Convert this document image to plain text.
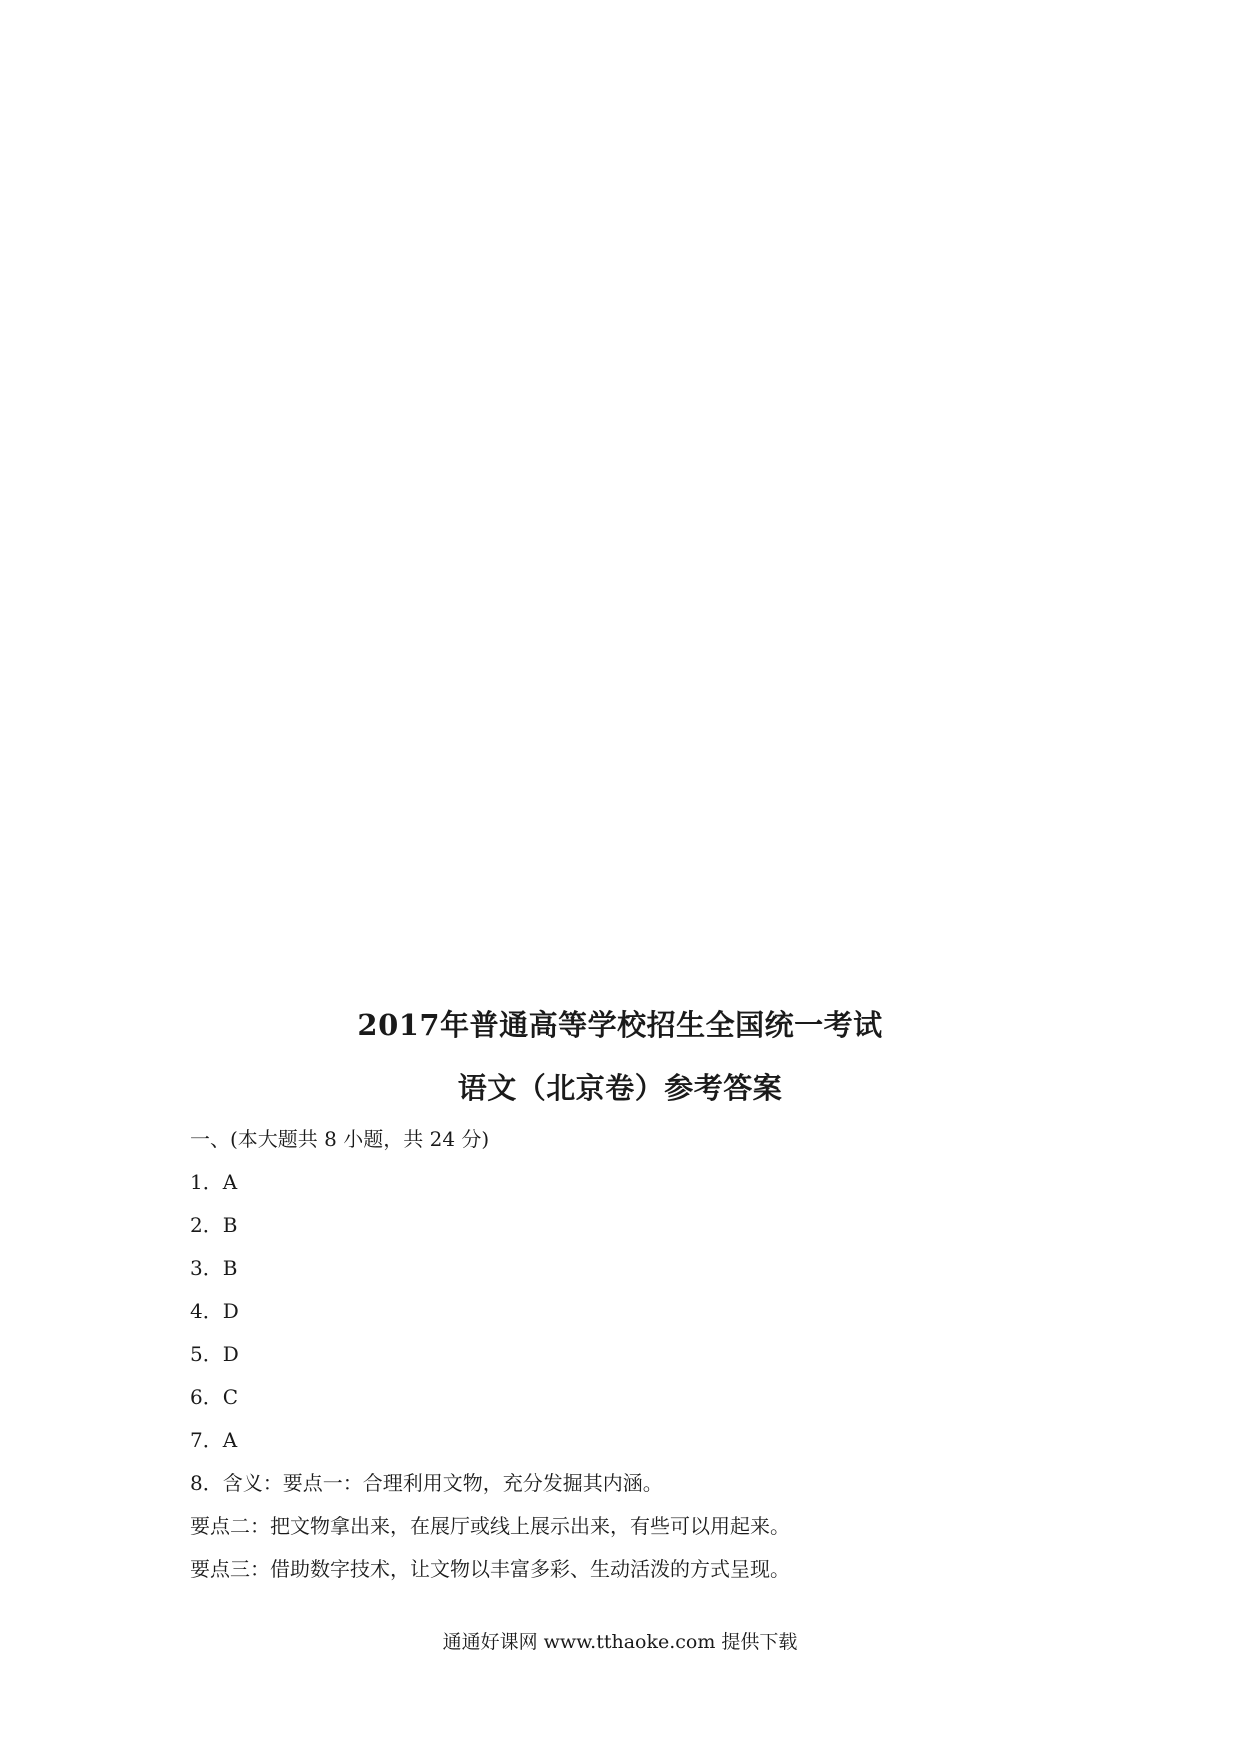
2017年普通高等学校招生全国统一考试
语文（北京卷）参考答案
一、(本大题共 8 小题，共 24 分)
1．A
2．B
3．B
4．D
5．D
6．C
7．A
8．含义：要点一：合理利用文物，充分发掘其内涵。
要点二：把文物拿出来，在展厅或线上展示出来，有些可以用起来。
要点三：借助数字技术，让文物以丰富多彩、生动活泼的方式呈现。
通通好课网 www.tthaoke.com 提供下载
